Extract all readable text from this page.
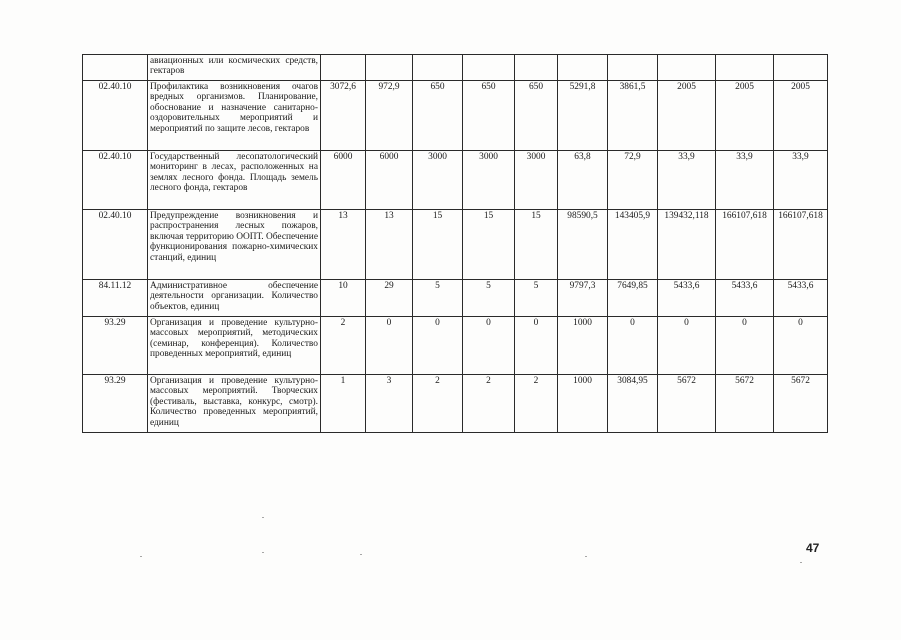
	авиационных или космических средств, гектаров										
02.40.10	Профилактика возникновения очагов вредных организмов. Планирование, обоснование и назначение санитарно-оздоровительных мероприятий и мероприятий по защите лесов, гектаров	3072,6	972,9	650	650	650	5291,8	3861,5	2005	2005	2005
02.40.10	Государственный лесопатологический мониторинг в лесах, расположенных на землях лесного фонда. Площадь земель лесного фонда, гектаров	6000	6000	3000	3000	3000	63,8	72,9	33,9	33,9	33,9
02.40.10	Предупреждение возникновения и распространения лесных пожаров, включая территорию ООПТ. Обеспечение функционирования пожарно-химических станций, единиц	13	13	15	15	15	98590,5	143405,9	139432,118	166107,618	166107,618
84.11.12	Административное обеспечение деятельности организации. Количество объектов, единиц	10	29	5	5	5	9797,3	7649,85	5433,6	5433,6	5433,6
93.29	Организация и проведение культурно-массовых мероприятий, методических (семинар, конференция). Количество проведенных мероприятий, единиц	2	0	0	0	0	1000	0	0	0	0
93.29	Организация и проведение культурно-массовых мероприятий. Творческих (фестиваль, выставка, конкурс, смотр). Количество проведенных мероприятий, единиц	1	3	2	2	2	1000	3084,95	5672	5672	5672
47
